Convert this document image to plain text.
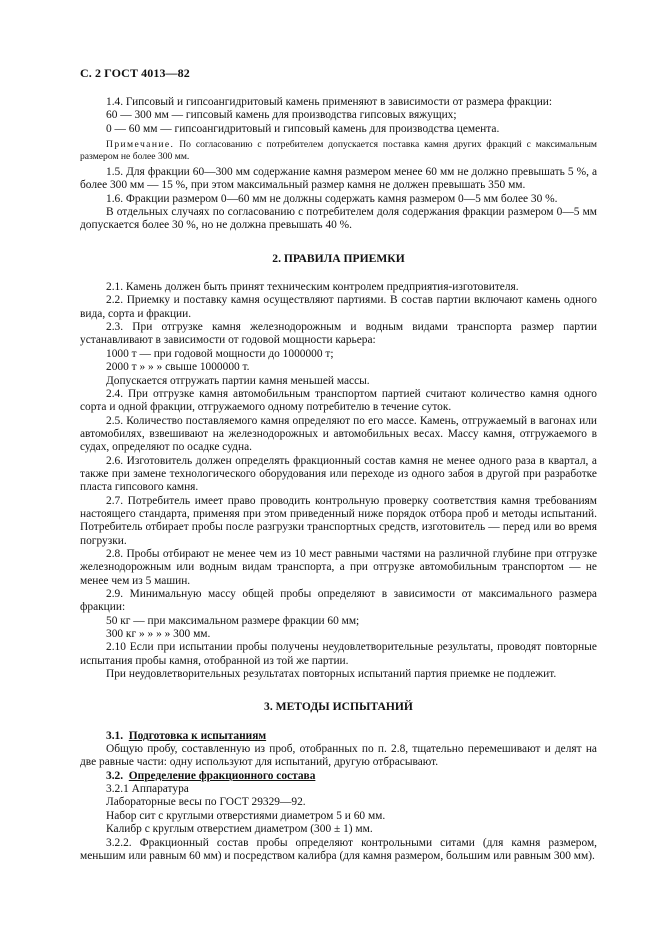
С. 2 ГОСТ 4013—82

1.4. Гипсовый и гипсоангидритовый камень применяют в зависимости от размера фракции:

60 — 300 мм — гипсовый камень для производства гипсовых вяжущих;

0 — 60 мм — гипсоангидритовый и гипсовый камень для производства цемента.

Примечание. По согласованию с потребителем допускается поставка камня других фракций с максимальным размером не более 300 мм.

1.5. Для фракции 60—300 мм содержание камня размером менее 60 мм не должно превышать 5 %, а более 300 мм — 15 %, при этом максимальный размер камня не должен превышать 350 мм.

1.6. Фракции размером 0—60 мм не должны содержать камня размером 0—5 мм более 30 %.

В отдельных случаях по согласованию с потребителем доля содержания фракции размером 0—5 мм допускается более 30 %, но не должна превышать 40 %.

2. ПРАВИЛА ПРИЕМКИ

2.1. Камень должен быть принят техническим контролем предприятия-изготовителя.

2.2. Приемку и поставку камня осуществляют партиями. В состав партии включают камень одного вида, сорта и фракции.

2.3. При отгрузке камня железнодорожным и водным видами транспорта размер партии устанавливают в зависимости от годовой мощности карьера:

1000 т — при годовой мощности до 1000000 т;

2000 т » » » свыше 1000000 т.

Допускается отгружать партии камня меньшей массы.

2.4. При отгрузке камня автомобильным транспортом партией считают количество камня одного сорта и одной фракции, отгружаемого одному потребителю в течение суток.

2.5. Количество поставляемого камня определяют по его массе. Камень, отгружаемый в вагонах или автомобилях, взвешивают на железнодорожных и автомобильных весах. Массу камня, отгружаемого в судах, определяют по осадке судна.

2.6. Изготовитель должен определять фракционный состав камня не менее одного раза в квартал, а также при замене технологического оборудования или переходе из одного забоя в другой при разработке пласта гипсового камня.

2.7. Потребитель имеет право проводить контрольную проверку соответствия камня требованиям настоящего стандарта, применяя при этом приведенный ниже порядок отбора проб и методы испытаний. Потребитель отбирает пробы после разгрузки транспортных средств, изготовитель — перед или во время погрузки.

2.8. Пробы отбирают не менее чем из 10 мест равными частями на различной глубине при отгрузке железнодорожным или водным видам транспорта, а при отгрузке автомобильным транспортом — не менее чем из 5 машин.

2.9. Минимальную массу общей пробы определяют в зависимости от максимального размера фракции:

50 кг — при максимальном размере фракции 60 мм;

300 кг » » » » 300 мм.

2.10 Если при испытании пробы получены неудовлетворительные результаты, проводят повторные испытания пробы камня, отобранной из той же партии.

При неудовлетворительных результатах повторных испытаний партия приемке не подлежит.

3. МЕТОДЫ ИСПЫТАНИЙ

3.1. Подготовка к испытаниям

Общую пробу, составленную из проб, отобранных по п. 2.8, тщательно перемешивают и делят на две равные части: одну используют для испытаний, другую отбрасывают.

3.2. Определение фракционного состава

3.2.1 Аппаратура

Лабораторные весы по ГОСТ 29329—92.

Набор сит с круглыми отверстиями диаметром 5 и 60 мм.

Калибр с круглым отверстием диаметром (300 ± 1) мм.

3.2.2. Фракционный состав пробы определяют контрольными ситами (для камня размером, меньшим или равным 60 мм) и посредством калибра (для камня размером, большим или равным 300 мм).
